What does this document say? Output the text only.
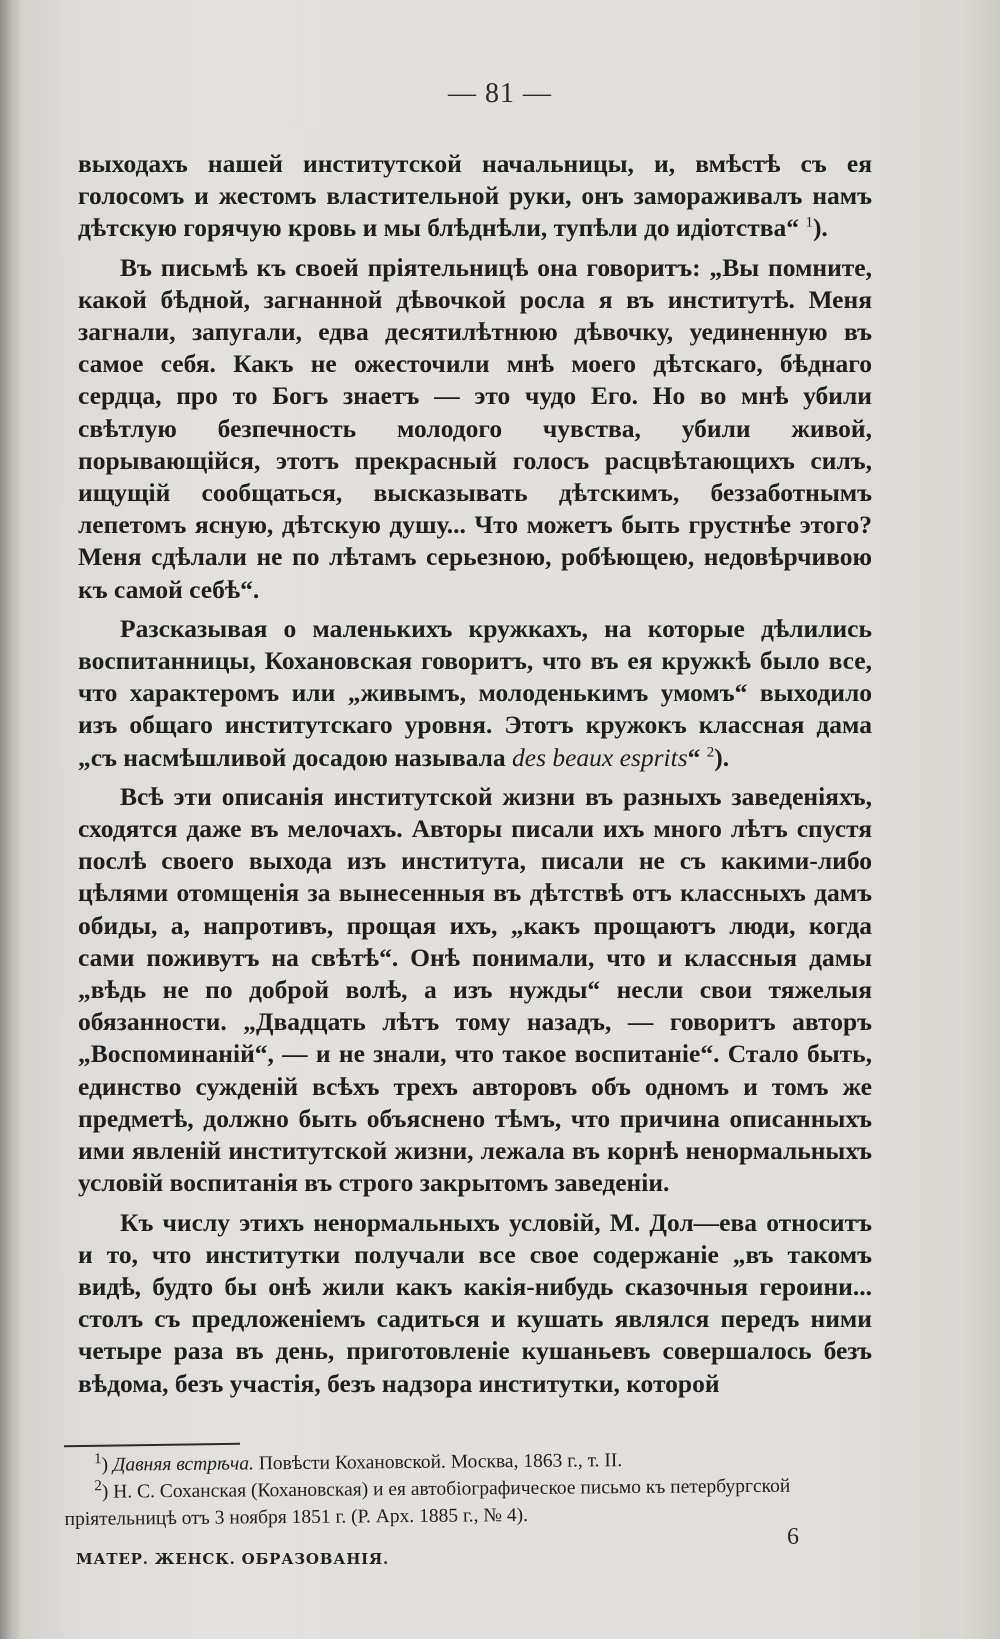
— 81 —

выходахъ нашей институтской начальницы, и, вмѣстѣ съ ея голосомъ и жестомъ властительной руки, онъ замораживалъ намъ дѣтскую горячую кровь и мы блѣднѣли, тупѣли до идіотства“ $^1$).

Въ письмѣ къ своей пріятельницѣ она говоритъ: „Вы помните, какой бѣдной, загнанной дѣвочкой росла я въ институтѣ. Меня загнали, запугали, едва десятилѣтнюю дѣвочку, уединенную въ самое себя. Какъ не ожесточили мнѣ моего дѣтскаго, бѣднаго сердца, про то Богъ знаетъ — это чудо Его. Но во мнѣ убили свѣтлую безпечность молодого чувства, убили живой, порывающійся, этотъ прекрасный голосъ расцвѣтающихъ силъ, ищущій сообщаться, высказывать дѣтскимъ, беззаботнымъ лепетомъ ясную, дѣтскую душу... Что можетъ быть грустнѣе этого? Меня сдѣлали не по лѣтамъ серьезною, робѣющею, недовѣрчивою къ самой себѣ“.

Разсказывая о маленькихъ кружкахъ, на которые дѣлились воспитанницы, Кохановская говоритъ, что въ ея кружкѣ было все, что характеромъ или „живымъ, молоденькимъ умомъ“ выходило изъ общаго институтскаго уровня. Этотъ кружокъ классная дама „съ насмѣшливой досадою называла des beaux esprits“ $^2$).

Всѣ эти описанія институтской жизни въ разныхъ заведеніяхъ, сходятся даже въ мелочахъ. Авторы писали ихъ много лѣтъ спустя послѣ своего выхода изъ института, писали не съ какими-либо цѣлями отомщенія за вынесенныя въ дѣтствѣ отъ классныхъ дамъ обиды, а, напротивъ, прощая ихъ, „какъ прощаютъ люди, когда сами поживутъ на свѣтѣ“. Онѣ понимали, что и классныя дамы „вѣдь не по доброй волѣ, а изъ нужды“ несли свои тяжелыя обязанности. „Двадцать лѣтъ тому назадъ, — говоритъ авторъ „Воспоминаній“, — и не знали, что такое воспитаніе“. Стало быть, единство сужденій всѣхъ трехъ авторовъ объ одномъ и томъ же предметѣ, должно быть объяснено тѣмъ, что причина описанныхъ ими явленій институтской жизни, лежала въ корнѣ ненормальныхъ условій воспитанія въ строго закрытомъ заведеніи.

Къ числу этихъ ненормальныхъ условій, М. Дол—ева относитъ и то, что институтки получали все свое содержаніе „въ такомъ видѣ, будто бы онѣ жили какъ какія-нибудь сказочныя героини... столъ съ предложеніемъ садиться и кушать являлся передъ ними четыре раза въ день, приготовленіе кушаньевъ совершалось безъ вѣдома, безъ участія, безъ надзора институтки, которой

$^1$) Давняя встрѣча. Повѣсти Кохановской. Москва, 1863 г., т. II.

$^2$) Н. С. Соханская (Кохановская) и ея автобіографическое письмо къ петербургской пріятельницѣ отъ 3 ноября 1851 г. (Р. Арх. 1885 г., № 4).

МАТЕР. ЖЕНСК. ОБРАЗОВАНІЯ.
6
